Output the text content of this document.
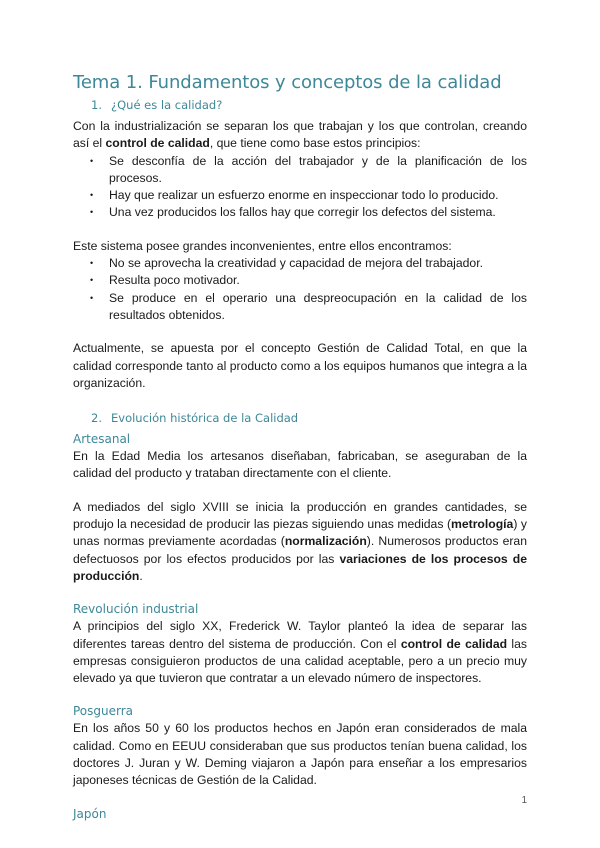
Tema 1. Fundamentos y conceptos de la calidad
1. ¿Qué es la calidad?

Con la industrialización se separan los que trabajan y los que controlan, creando así el control de calidad, que tiene como base estos principios:

• Se desconfía de la acción del trabajador y de la planificación de los procesos.
• Hay que realizar un esfuerzo enorme en inspeccionar todo lo producido.
• Una vez producidos los fallos hay que corregir los defectos del sistema.

Este sistema posee grandes inconvenientes, entre ellos encontramos:

• No se aprovecha la creatividad y capacidad de mejora del trabajador.
• Resulta poco motivador.
• Se produce en el operario una despreocupación en la calidad de los resultados obtenidos.

Actualmente, se apuesta por el concepto Gestión de Calidad Total, en que la calidad corresponde tanto al producto como a los equipos humanos que integra a la organización.

2. Evolución histórica de la Calidad
Artesanal

En la Edad Media los artesanos diseñaban, fabricaban, se aseguraban de la calidad del producto y trataban directamente con el cliente.

A mediados del siglo XVIII se inicia la producción en grandes cantidades, se produjo la necesidad de producir las piezas siguiendo unas medidas (metrología) y unas normas previamente acordadas (normalización). Numerosos productos eran defectuosos por los efectos producidos por las variaciones de los procesos de producción.

Revolución industrial

A principios del siglo XX, Frederick W. Taylor planteó la idea de separar las diferentes tareas dentro del sistema de producción. Con el control de calidad las empresas consiguieron productos de una calidad aceptable, pero a un precio muy elevado ya que tuvieron que contratar a un elevado número de inspectores.

Posguerra

En los años 50 y 60 los productos hechos en Japón eran considerados de mala calidad. Como en EEUU consideraban que sus productos tenían buena calidad, los doctores J. Juran y W. Deming viajaron a Japón para enseñar a los empresarios japoneses técnicas de Gestión de la Calidad.

Japón
1
